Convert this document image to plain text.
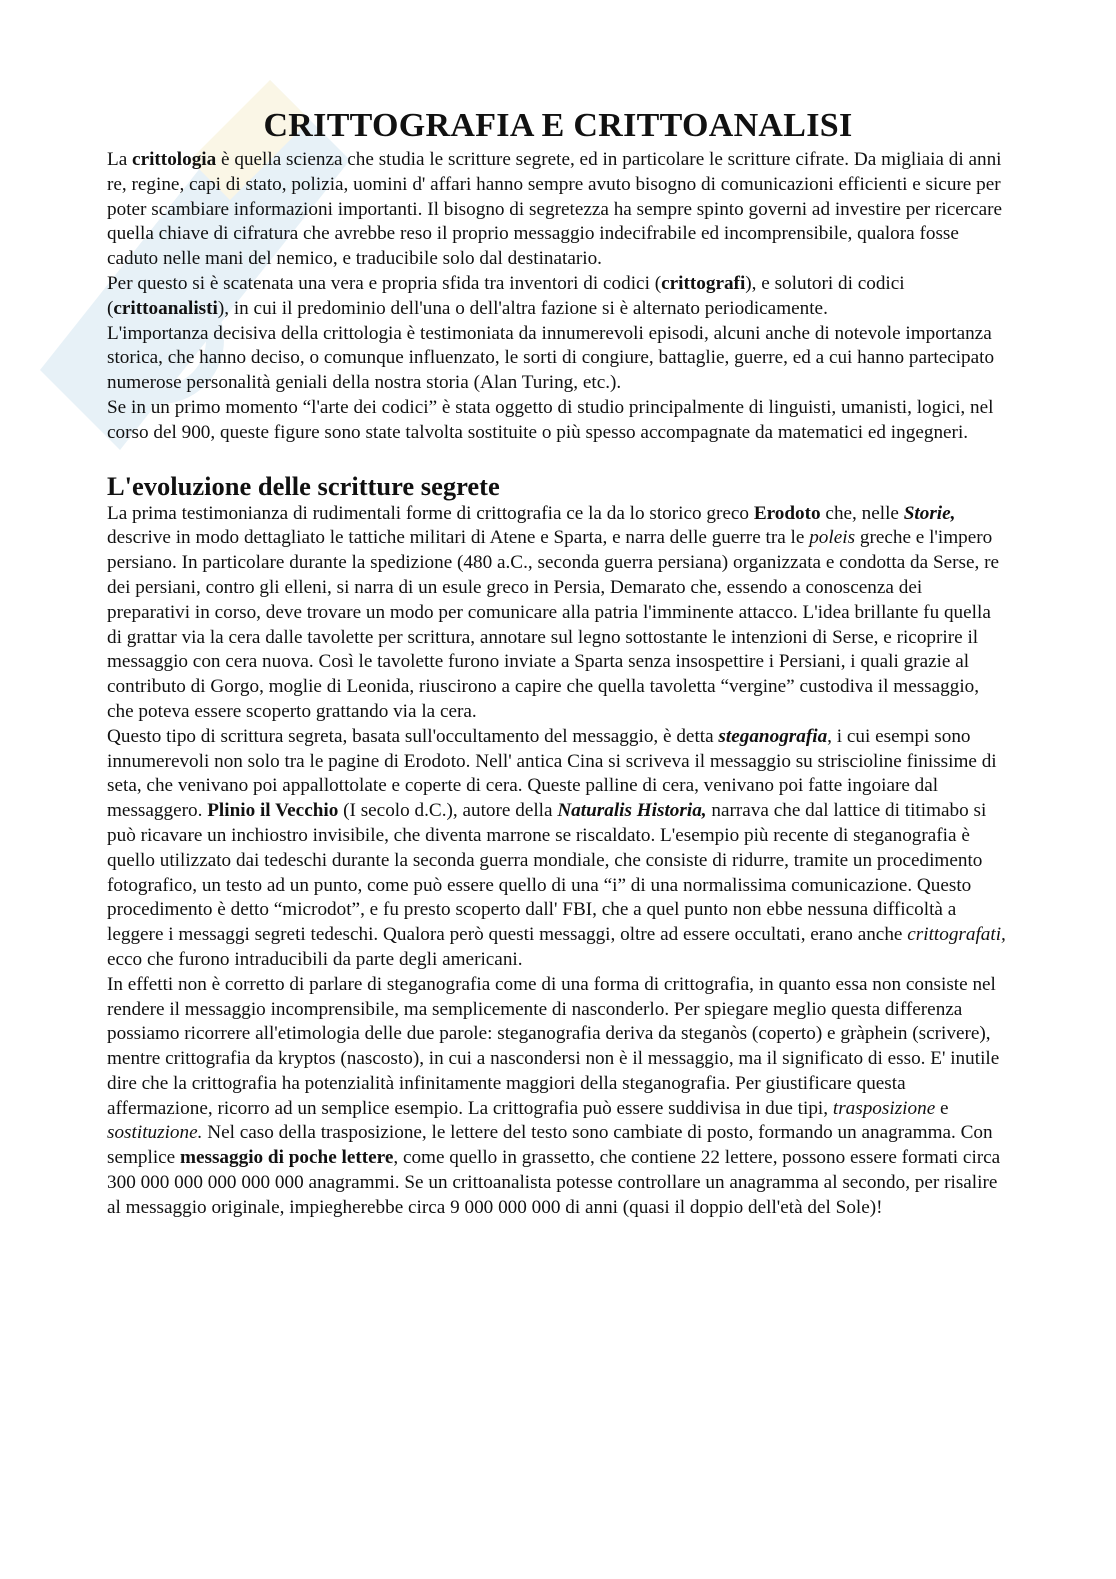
CRITTOGRAFIA E CRITTOANALISI

La crittologia è quella scienza che studia le scritture segrete, ed in particolare le scritture cifrate. Da migliaia di anni re, regine, capi di stato, polizia, uomini d' affari hanno sempre avuto bisogno di comunicazioni efficienti e sicure per poter scambiare informazioni importanti. Il bisogno di segretezza ha sempre spinto governi ad investire per ricercare quella chiave di cifratura che avrebbe reso il proprio messaggio indecifrabile ed incomprensibile, qualora fosse caduto nelle mani del nemico, e traducibile solo dal destinatario.

Per questo si è scatenata una vera e propria sfida tra inventori di codici (crittografi), e solutori di codici (crittoanalisti), in cui il predominio dell'una o dell'altra fazione si è alternato periodicamente.

L'importanza decisiva della crittologia è testimoniata da innumerevoli episodi, alcuni anche di notevole importanza storica, che hanno deciso, o comunque influenzato, le sorti di congiure, battaglie, guerre, ed a cui hanno partecipato numerose personalità geniali della nostra storia (Alan Turing, etc.).

Se in un primo momento “l'arte dei codici” è stata oggetto di studio principalmente di linguisti, umanisti, logici, nel corso del 900, queste figure sono state talvolta sostituite o più spesso accompagnate da matematici ed ingegneri.

L'evoluzione delle scritture segrete

La prima testimonianza di rudimentali forme di crittografia ce la da lo storico greco Erodoto che, nelle Storie, descrive in modo dettagliato le tattiche militari di Atene e Sparta, e narra delle guerre tra le poleis greche e l'impero persiano. In particolare durante la spedizione (480 a.C., seconda guerra persiana) organizzata e condotta da Serse, re dei persiani, contro gli elleni, si narra di un esule greco in Persia, Demarato che, essendo a conoscenza dei preparativi in corso, deve trovare un modo per comunicare alla patria l'imminente attacco. L'idea brillante fu quella di grattar via la cera dalle tavolette per scrittura, annotare sul legno sottostante le intenzioni di Serse, e ricoprire il messaggio con cera nuova. Così le tavolette furono inviate a Sparta senza insospettire i Persiani, i quali grazie al contributo di Gorgo, moglie di Leonida, riuscirono a capire che quella tavoletta “vergine” custodiva il messaggio, che poteva essere scoperto grattando via la cera.

Questo tipo di scrittura segreta, basata sull'occultamento del messaggio, è detta steganografia, i cui esempi sono innumerevoli non solo tra le pagine di Erodoto. Nell' antica Cina si scriveva il messaggio su striscioline finissime di seta, che venivano poi appallottolate e coperte di cera. Queste palline di cera, venivano poi fatte ingoiare dal messaggero. Plinio il Vecchio (I secolo d.C.), autore della Naturalis Historia, narrava che dal lattice di titimabo si può ricavare un inchiostro invisibile, che diventa marrone se riscaldato. L'esempio più recente di steganografia è quello utilizzato dai tedeschi durante la seconda guerra mondiale, che consiste di ridurre, tramite un procedimento fotografico, un testo ad un punto, come può essere quello di una “i” di una normalissima comunicazione. Questo procedimento è detto “microdot”, e fu presto scoperto dall' FBI, che a quel punto non ebbe nessuna difficoltà a leggere i messaggi segreti tedeschi. Qualora però questi messaggi, oltre ad essere occultati, erano anche crittografati, ecco che furono intraducibili da parte degli americani.

In effetti non è corretto di parlare di steganografia come di una forma di crittografia, in quanto essa non consiste nel rendere il messaggio incomprensibile, ma semplicemente di nasconderlo. Per spiegare meglio questa differenza possiamo ricorrere all'etimologia delle due parole: steganografia deriva da steganòs (coperto) e gràphein (scrivere), mentre crittografia da kryptos (nascosto), in cui a nascondersi non è il messaggio, ma il significato di esso. E' inutile dire che la crittografia ha potenzialità infinitamente maggiori della steganografia. Per giustificare questa affermazione, ricorro ad un semplice esempio. La crittografia può essere suddivisa in due tipi, trasposizione e sostituzione. Nel caso della trasposizione, le lettere del testo sono cambiate di posto, formando un anagramma. Con semplice messaggio di poche lettere, come quello in grassetto, che contiene 22 lettere, possono essere formati circa 300 000 000 000 000 000 anagrammi. Se un crittoanalista potesse controllare un anagramma al secondo, per risalire al messaggio originale, impiegherebbe circa 9 000 000 000 di anni (quasi il doppio dell'età del Sole)!
